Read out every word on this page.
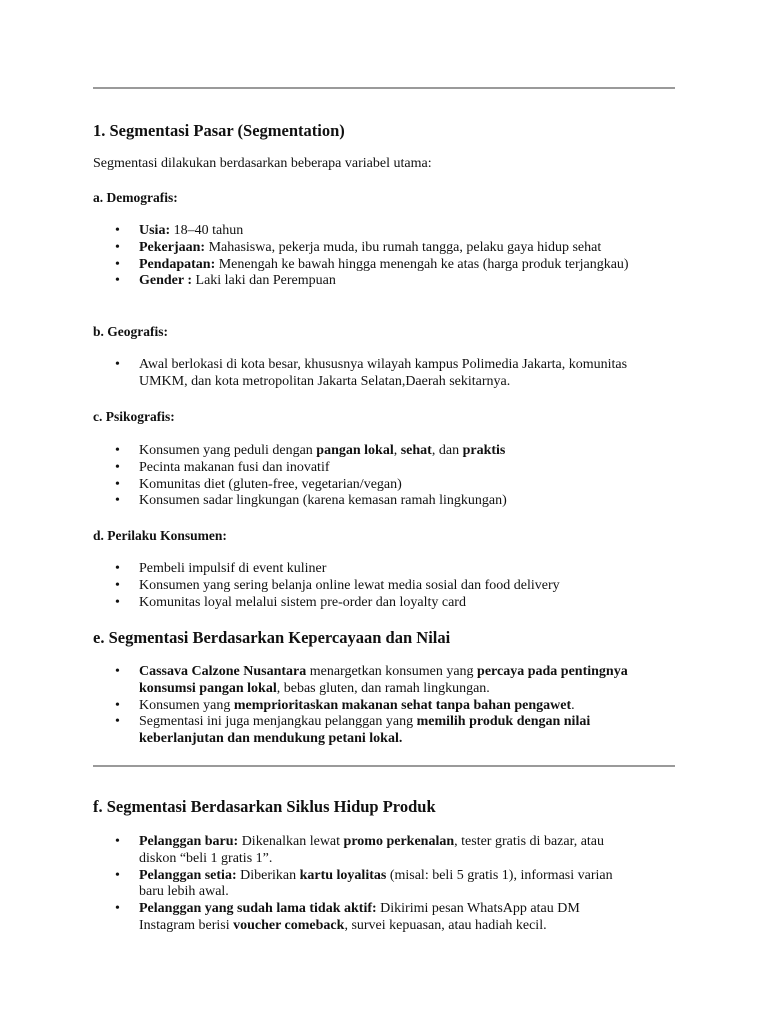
1. Segmentasi Pasar (Segmentation)

Segmentasi dilakukan berdasarkan beberapa variabel utama:

a. Demografis:

• Usia: 18–40 tahun
• Pekerjaan: Mahasiswa, pekerja muda, ibu rumah tangga, pelaku gaya hidup sehat
• Pendapatan: Menengah ke bawah hingga menengah ke atas (harga produk terjangkau)
• Gender : Laki laki dan Perempuan

b. Geografis:

• Awal berlokasi di kota besar, khususnya wilayah kampus Polimedia Jakarta, komunitas UMKM, dan kota metropolitan Jakarta Selatan,Daerah sekitarnya.

c. Psikografis:

• Konsumen yang peduli dengan pangan lokal, sehat, dan praktis
• Pecinta makanan fusi dan inovatif
• Komunitas diet (gluten-free, vegetarian/vegan)
• Konsumen sadar lingkungan (karena kemasan ramah lingkungan)

d. Perilaku Konsumen:

• Pembeli impulsif di event kuliner
• Konsumen yang sering belanja online lewat media sosial dan food delivery
• Komunitas loyal melalui sistem pre-order dan loyalty card
e. Segmentasi Berdasarkan Kepercayaan dan Nilai
• Cassava Calzone Nusantara menargetkan konsumen yang percaya pada pentingnya konsumsi pangan lokal, bebas gluten, dan ramah lingkungan.
• Konsumen yang memprioritaskan makanan sehat tanpa bahan pengawet.
• Segmentasi ini juga menjangkau pelanggan yang memilih produk dengan nilai keberlanjutan dan mendukung petani lokal.
f. Segmentasi Berdasarkan Siklus Hidup Produk
• Pelanggan baru: Dikenalkan lewat promo perkenalan, tester gratis di bazar, atau diskon “beli 1 gratis 1”.
• Pelanggan setia: Diberikan kartu loyalitas (misal: beli 5 gratis 1), informasi varian baru lebih awal.
• Pelanggan yang sudah lama tidak aktif: Dikirimi pesan WhatsApp atau DM Instagram berisi voucher comeback, survei kepuasan, atau hadiah kecil.
